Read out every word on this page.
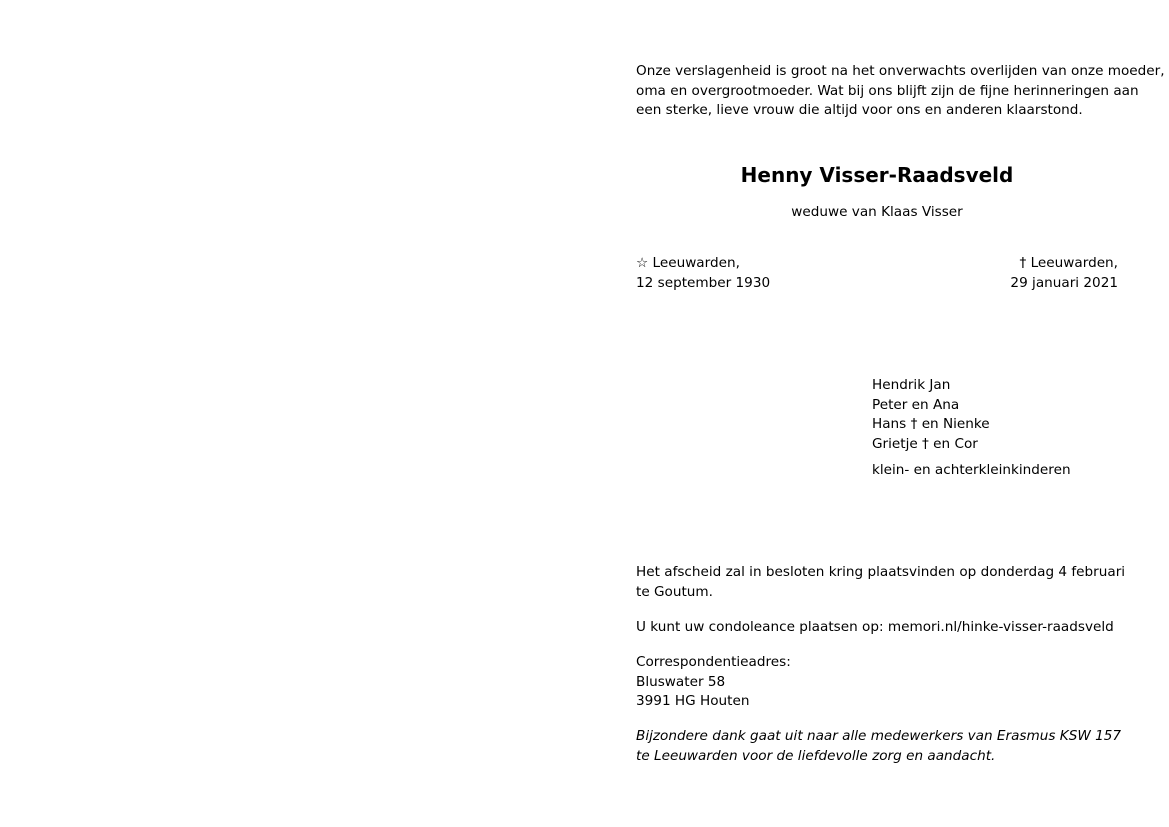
Onze verslagenheid is groot na het onverwachts overlijden van onze moeder,
oma en overgrootmoeder. Wat bij ons blijft zijn de fijne herinneringen aan
een sterke, lieve vrouw die altijd voor ons en anderen klaarstond.
Henny Visser-Raadsveld
weduwe van Klaas Visser
☆ Leeuwarden,
12 september 1930
† Leeuwarden,
29 januari 2021
Hendrik Jan
Peter en Ana
Hans † en Nienke
Grietje † en Cor
klein- en achterkleinkinderen
Het afscheid zal in besloten kring plaatsvinden op donderdag 4 februari
te Goutum.
U kunt uw condoleance plaatsen op: memori.nl/hinke-visser-raadsveld
Correspondentieadres:
Bluswater 58
3991 HG Houten
Bijzondere dank gaat uit naar alle medewerkers van Erasmus KSW 157
te Leeuwarden voor de liefdevolle zorg en aandacht.
